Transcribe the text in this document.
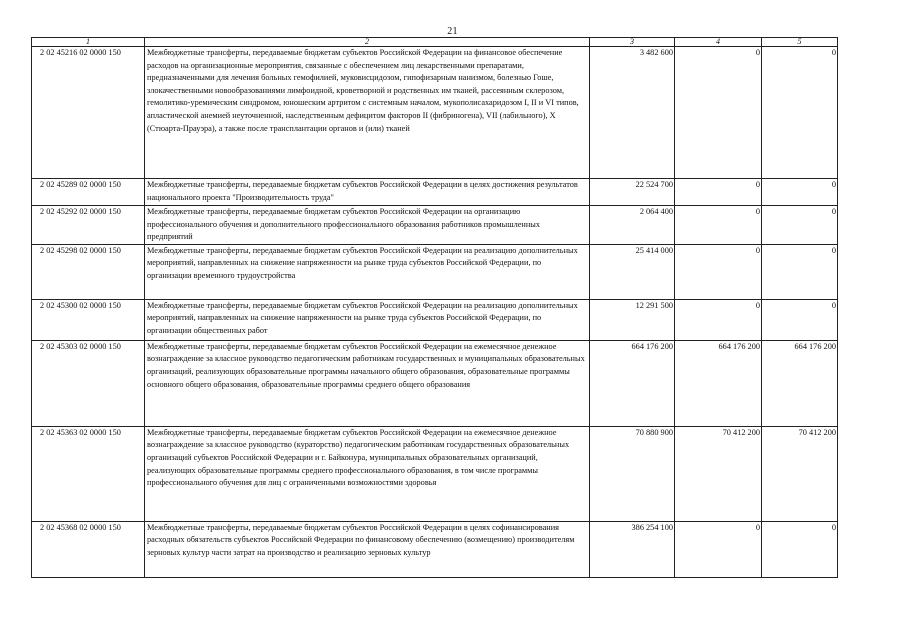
21
1	2	3	4	5
2 02 45216 02 0000 150	Межбюджетные трансферты, передаваемые бюджетам субъектов Российской Федерации на финансовое обеспечение расходов на организационные мероприятия, связанные с обеспечением лиц лекарственными препаратами, предназначенными для лечения больных гемофилией, муковисцидозом, гипофизарным нанизмом, болезнью Гоше, злокачественными новообразованиями лимфоидной, кроветворной и родственных им тканей, рассеянным склерозом, гемолитико-уремическим синдромом, юношеским артритом с системным началом, мукополисахаридозом I, II и VI типов, апластической анемией неуточненной, наследственным дефицитом факторов II (фибриногена), VII (лабильного), X (Стюарта-Прауэра), а также после трансплантации органов и (или) тканей	3 482 600	0	0
2 02 45289 02 0000 150	Межбюджетные трансферты, передаваемые бюджетам субъектов Российской Федерации в целях достижения результатов национального проекта "Производительность труда"	22 524 700	0	0
2 02 45292 02 0000 150	Межбюджетные трансферты, передаваемые бюджетам субъектов Российской Федерации на организацию профессионального обучения и дополнительного профессионального образования работников промышленных предприятий	2 064 400	0	0
2 02 45298 02 0000 150	Межбюджетные трансферты, передаваемые бюджетам субъектов Российской Федерации на реализацию дополнительных мероприятий, направленных на снижение напряженности на рынке труда субъектов Российской Федерации, по организации временного трудоустройства	25 414 000	0	0
2 02 45300 02 0000 150	Межбюджетные трансферты, передаваемые бюджетам субъектов Российской Федерации на реализацию дополнительных мероприятий, направленных на снижение напряженности на рынке труда субъектов Российской Федерации, по организации общественных работ	12 291 500	0	0
2 02 45303 02 0000 150	Межбюджетные трансферты, передаваемые бюджетам субъектов Российской Федерации на ежемесячное денежное вознаграждение за классное руководство педагогическим работникам государственных и муниципальных образовательных организаций, реализующих образовательные программы начального общего образования, образовательные программы основного общего образования, образовательные программы среднего общего образования	664 176 200	664 176 200	664 176 200
2 02 45363 02 0000 150	Межбюджетные трансферты, передаваемые бюджетам субъектов Российской Федерации на ежемесячное денежное вознаграждение за классное руководство (кураторство) педагогическим работникам государственных образовательных организаций субъектов Российской Федерации и г. Байконура, муниципальных образовательных организаций, реализующих образовательные программы среднего профессионального образования, в том числе программы профессионального обучения для лиц с ограниченными возможностями здоровья	70 880 900	70 412 200	70 412 200
2 02 45368 02 0000 150	Межбюджетные трансферты, передаваемые бюджетам субъектов Российской Федерации в целях софинансирования расходных обязательств субъектов Российской Федерации по финансовому обеспечению (возмещению) производителям зерновых культур части затрат на производство и реализацию зерновых культур	386 254 100	0	0
